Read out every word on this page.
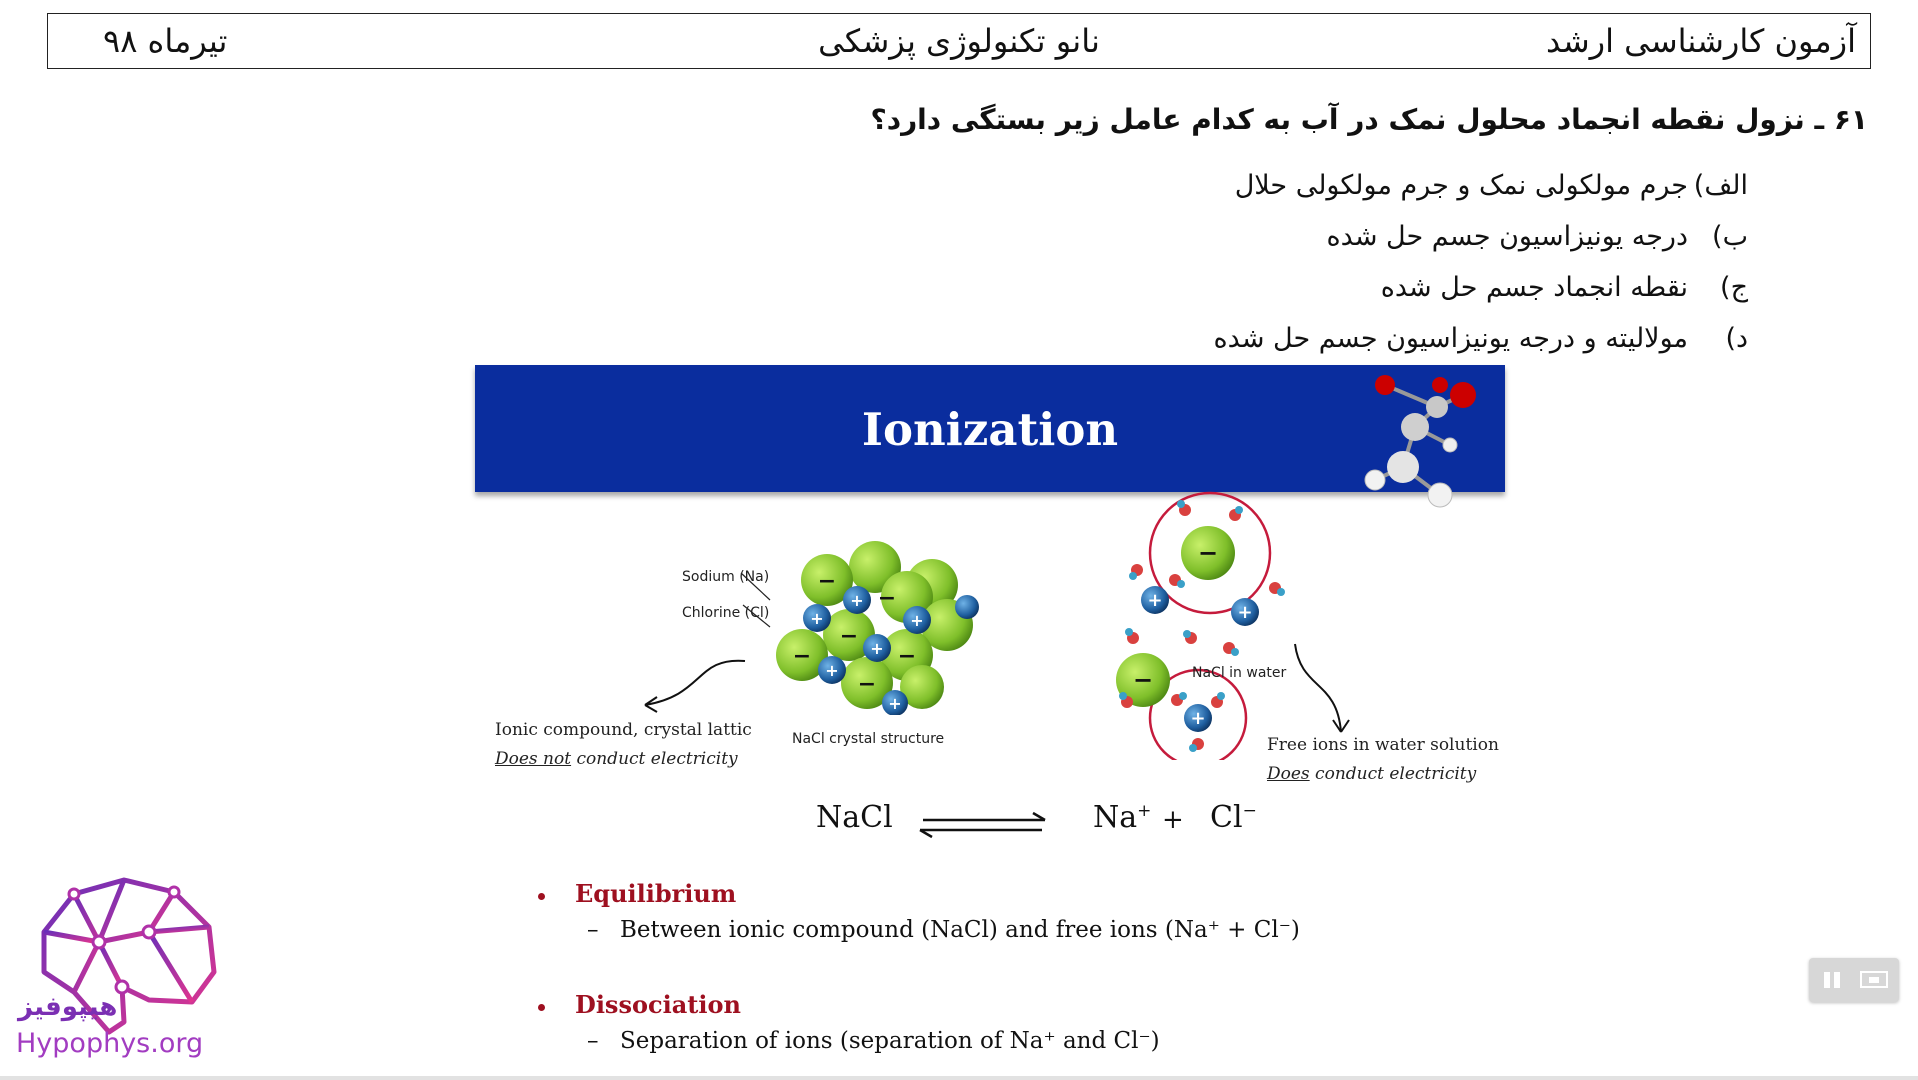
آزمون کارشناسی ارشد
نانو تکنولوژی پزشکی
تیرماه ۹۸
۶۱ ـ نزول نقطه انجماد محلول نمک در آب به کدام عامل زیر بستگی دارد؟
الف)
جرم مولکولی نمک و جرم مولکولی حلال
ب)
درجه یونیزاسیون جسم حل شده
ج)
نقطه انجماد جسم حل شده
د)
مولالیته و درجه یونیزاسیون جسم حل شده
Ionization
−
−
−
−	−
−
+
+	+
+
+
+
Sodium (Na)
Chlorine (Cl)
NaCl crystal structure
Ionic compound, crystal lattic
Does not conduct electricity
−
−
+
+
+
NaCl in water
Free ions in water solution
Does conduct electricity
NaCl	Na+ + Cl−
Equilibrium
– Between ionic compound (NaCl) and free ions (Na⁺ + Cl⁻)
Dissociation
– Separation of ions (separation of Na⁺ and Cl⁻)
هیپوفیز
Hypophys.org
